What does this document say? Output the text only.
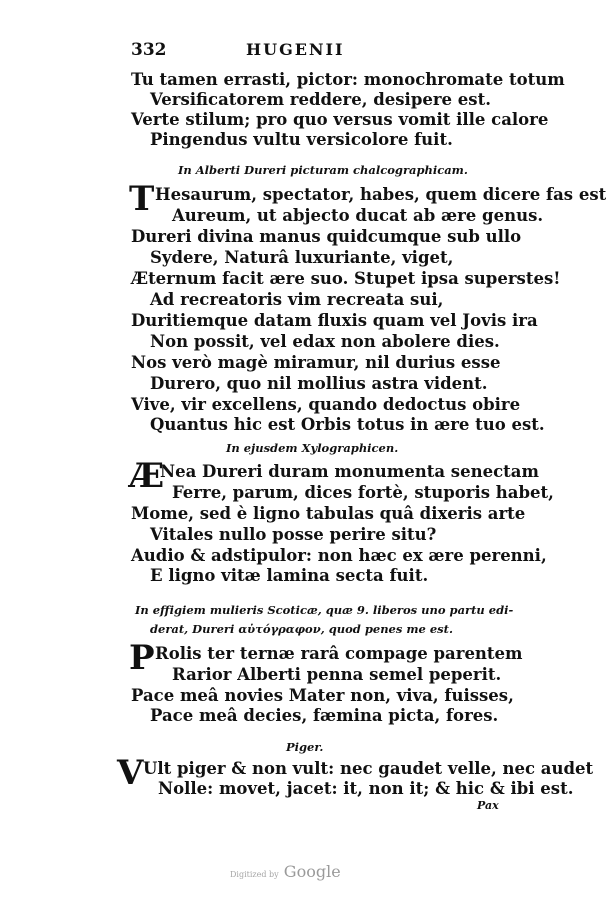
332	HUGENII
Tu tamen errasti, pictor: monochromate totum
Versificatorem reddere, desipere est.
Verte stilum; pro quo versus vomit ille calore
Pingendus vultu versicolore fuit.
In Alberti Dureri picturam chalcographicam.
T Hesaurum, spectator, habes, quem dicere fas est
Aureum, ut abjecto ducat ab ære genus.
Dureri divina manus quidcumque sub ullo
Sydere, Naturâ luxuriante, viget,
Æternum facit ære suo. Stupet ipsa superstes!
Ad recreatoris vim recreata sui,
Duritiemque datam fluxis quam vel Jovis ira
Non possit, vel edax non abolere dies.
Nos verò magè miramur, nil durius esse
Durero, quo nil mollius astra vident.
Vive, vir excellens, quando dedoctus obire
Quantus hic est Orbis totus in ære tuo est.
In ejusdem Xylographicen.
Æ
Nea Dureri duram monumenta senectam
Ferre, parum, dices fortè, stuporis habet,
Mome, sed è ligno tabulas quâ dixeris arte
Vitales nullo posse perire situ?
Audio & adstipulor: non hæc ex ære perenni,
E ligno vitæ lamina secta fuit.
In effigiem mulieris Scoticæ, quæ 9. liberos uno partu edi-
derat, Dureri αὐτόγραφον, quod penes me est.
P Rolis ter ternæ rarâ compage parentem
Rarior Alberti penna semel peperit.
Pace meâ novies Mater non, viva, fuisses,
Pace meâ decies, fæmina picta, fores.
Piger.
V Ult piger & non vult: nec gaudet velle, nec audet
Nolle: movet, jacet: it, non it; & hic & ibi est.
Pax
Digitized by Google
